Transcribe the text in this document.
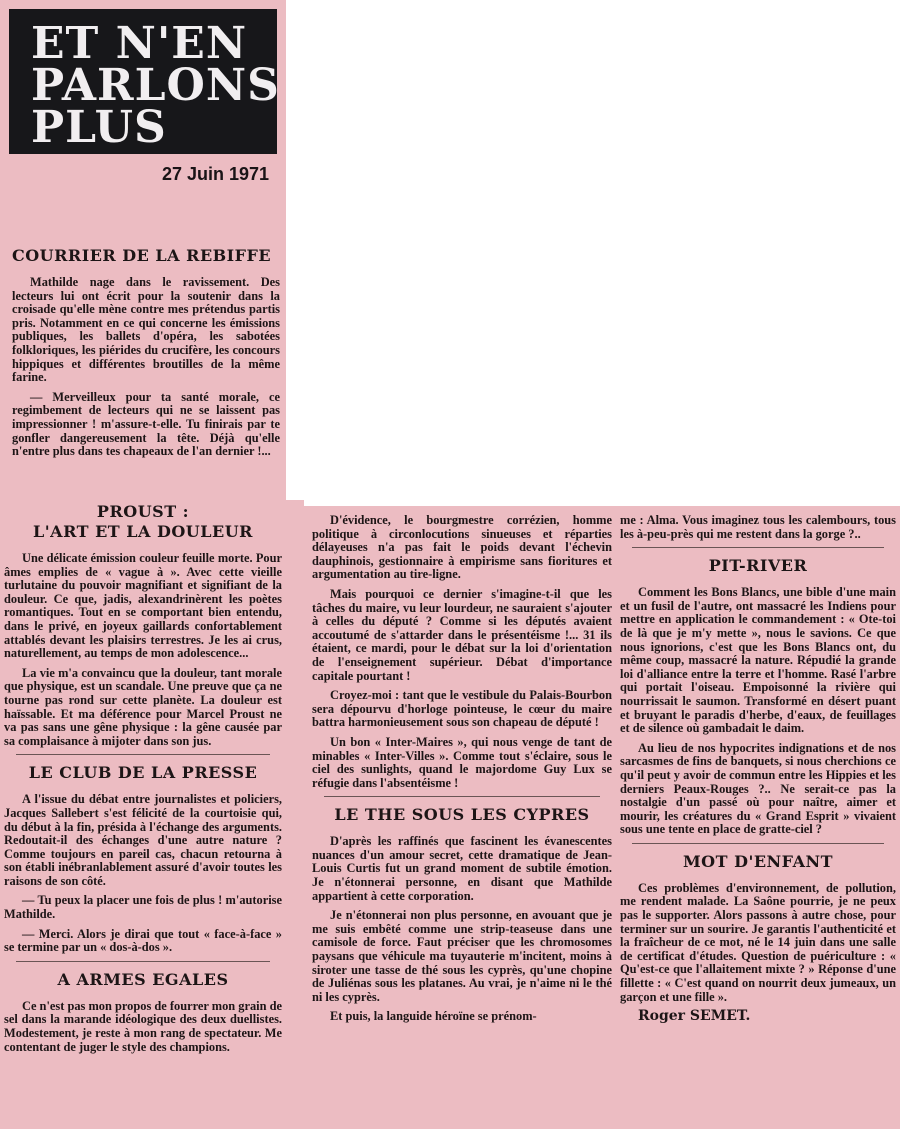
ET N'EN
PARLONS
PLUS
27 Juin 1971
COURRIER DE LA REBIFFE

Mathilde nage dans le ravissement. Des lecteurs lui ont écrit pour la soutenir dans la croisade qu'elle mène contre mes prétendus partis pris. Notamment en ce qui concerne les émissions publiques, les ballets d'opéra, les sabotées folkloriques, les piérides du crucifère, les concours hippiques et différentes broutilles de la même farine.

— Merveilleux pour ta santé morale, ce regimbement de lecteurs qui ne se laissent pas impressionner ! m'assure-t-elle. Tu finirais par te gonfler dangereusement la tête. Déjà qu'elle n'entre plus dans tes chapeaux de l'an dernier !...

PROUST :
L'ART ET LA DOULEUR

Une délicate émission couleur feuille morte. Pour âmes emplies de « vague à ». Avec cette vieille turlutaine du pouvoir magnifiant et signifiant de la douleur. Ce que, jadis, alexandrinèrent les poètes romantiques. Tout en se comportant bien entendu, dans le privé, en joyeux gaillards confortablement attablés devant les plaisirs terrestres. Je les ai crus, naturellement, au temps de mon adolescence...

La vie m'a convaincu que la douleur, tant morale que physique, est un scandale. Une preuve que ça ne tourne pas rond sur cette planète. La douleur est haïssable. Et ma déférence pour Marcel Proust ne va pas sans une gêne physique : la gêne causée par sa complaisance à mijoter dans son jus.

LE CLUB DE LA PRESSE

A l'issue du débat entre journalistes et policiers, Jacques Sallebert s'est félicité de la courtoisie qui, du début à la fin, présida à l'échange des arguments. Redoutait-il des échanges d'une autre nature ? Comme toujours en pareil cas, chacun retourna à son établi inébranlablement assuré d'avoir toutes les raisons de son côté.

— Tu peux la placer une fois de plus ! m'autorise Mathilde.

— Merci. Alors je dirai que tout « face-à-face » se termine par un « dos-à-dos ».

A ARMES EGALES

Ce n'est pas mon propos de fourrer mon grain de sel dans la marande idéologique des deux duellistes. Modestement, je reste à mon rang de spectateur. Me contentant de juger le style des champions.

D'évidence, le bourgmestre corrézien, homme politique à circonlocutions sinueuses et réparties délayeuses n'a pas fait le poids devant l'échevin dauphinois, gestionnaire à empirisme sans fioritures et argumentation au tire-ligne.

Mais pourquoi ce dernier s'imagine-t-il que les tâches du maire, vu leur lourdeur, ne sauraient s'ajouter à celles du député ? Comme si les députés avaient accoutumé de s'attarder dans le présentéisme !... 31 ils étaient, ce mardi, pour le débat sur la loi d'orientation de l'enseignement supérieur. Débat d'importance capitale pourtant !

Croyez-moi : tant que le vestibule du Palais-Bourbon sera dépourvu d'horloge pointeuse, le cœur du maire battra harmonieusement sous son chapeau de député !

Un bon « Inter-Maires », qui nous venge de tant de minables « Inter-Villes ». Comme tout s'éclaire, sous le ciel des sunlights, quand le majordome Guy Lux se réfugie dans l'absentéisme !

LE THE SOUS LES CYPRES

D'après les raffinés que fascinent les évanescentes nuances d'un amour secret, cette dramatique de Jean-Louis Curtis fut un grand moment de subtile émotion. Je n'étonnerai personne, en disant que Mathilde appartient à cette corporation.

Je n'étonnerai non plus personne, en avouant que je me suis embêté comme une strip-teaseuse dans une camisole de force. Faut préciser que les chromosomes paysans que véhicule ma tuyauterie m'incitent, moins à siroter une tasse de thé sous les cyprès, qu'une chopine de Juliénas sous les platanes. Au vrai, je n'aime ni le thé ni les cyprès.

Et puis, la languide héroïne se prénom-

me : Alma. Vous imaginez tous les calembours, tous les à-peu-près qui me restent dans la gorge ?..

PIT-RIVER

Comment les Bons Blancs, une bible d'une main et un fusil de l'autre, ont massacré les Indiens pour mettre en application le commandement : « Ote-toi de là que je m'y mette », nous le savions. Ce que nous ignorions, c'est que les Bons Blancs ont, du même coup, massacré la nature. Répudié la grande loi d'alliance entre la terre et l'homme. Rasé l'arbre qui portait l'oiseau. Empoisonné la rivière qui nourrissait le saumon. Transformé en désert puant et bruyant le paradis d'herbe, d'eaux, de feuillages et de silence où gambadait le daim.

Au lieu de nos hypocrites indignations et de nos sarcasmes de fins de banquets, si nous cherchions ce qu'il peut y avoir de commun entre les Hippies et les derniers Peaux-Rouges ?.. Ne serait-ce pas la nostalgie d'un passé où pour naître, aimer et mourir, les créatures du « Grand Esprit » vivaient sous une tente en place de gratte-ciel ?

MOT D'ENFANT

Ces problèmes d'environnement, de pollution, me rendent malade. La Saône pourrie, je ne peux pas le supporter. Alors passons à autre chose, pour terminer sur un sourire. Je garantis l'authenticité et la fraîcheur de ce mot, né le 14 juin dans une salle de certificat d'études. Question de puériculture : « Qu'est-ce que l'allaitement mixte ? » Réponse d'une fillette : « C'est quand on nourrit deux jumeaux, un garçon et une fille ».

Roger SEMET.
